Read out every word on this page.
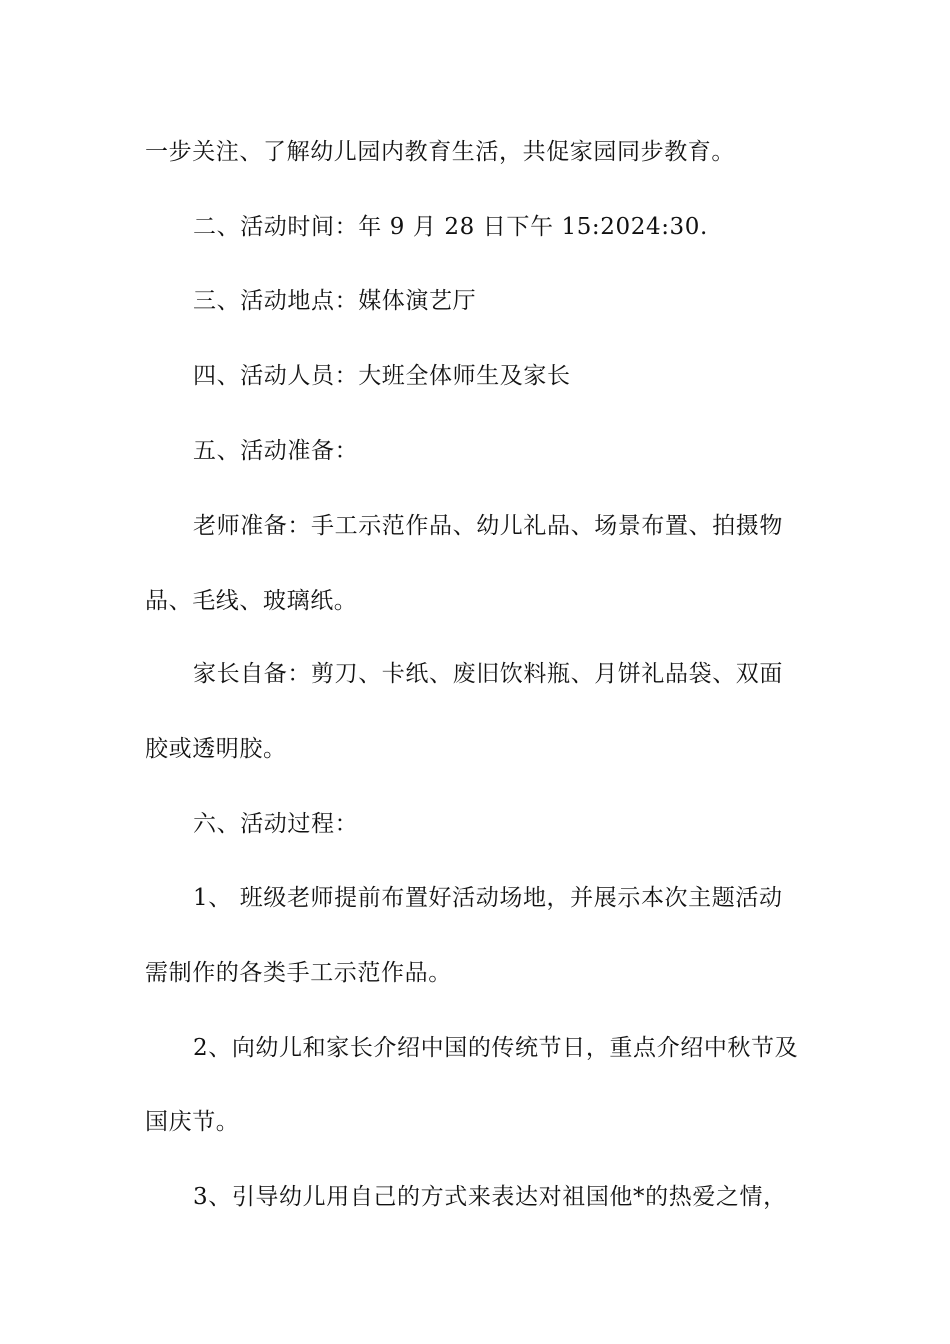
一步关注、了解幼儿园内教育生活，共促家园同步教育。
二、活动时间：年 9 月 28 日下午 15:2024:30.
三、活动地点：媒体演艺厅
四、活动人员：大班全体师生及家长
五、活动准备：
老师准备：手工示范作品、幼儿礼品、场景布置、拍摄物
品、毛线、玻璃纸。
家长自备：剪刀、卡纸、废旧饮料瓶、月饼礼品袋、双面
胶或透明胶。
六、活动过程：
1、 班级老师提前布置好活动场地，并展示本次主题活动
需制作的各类手工示范作品。
2、向幼儿和家长介绍中国的传统节日，重点介绍中秋节及
国庆节。
3、引导幼儿用自己的方式来表达对祖国他*的热爱之情，
